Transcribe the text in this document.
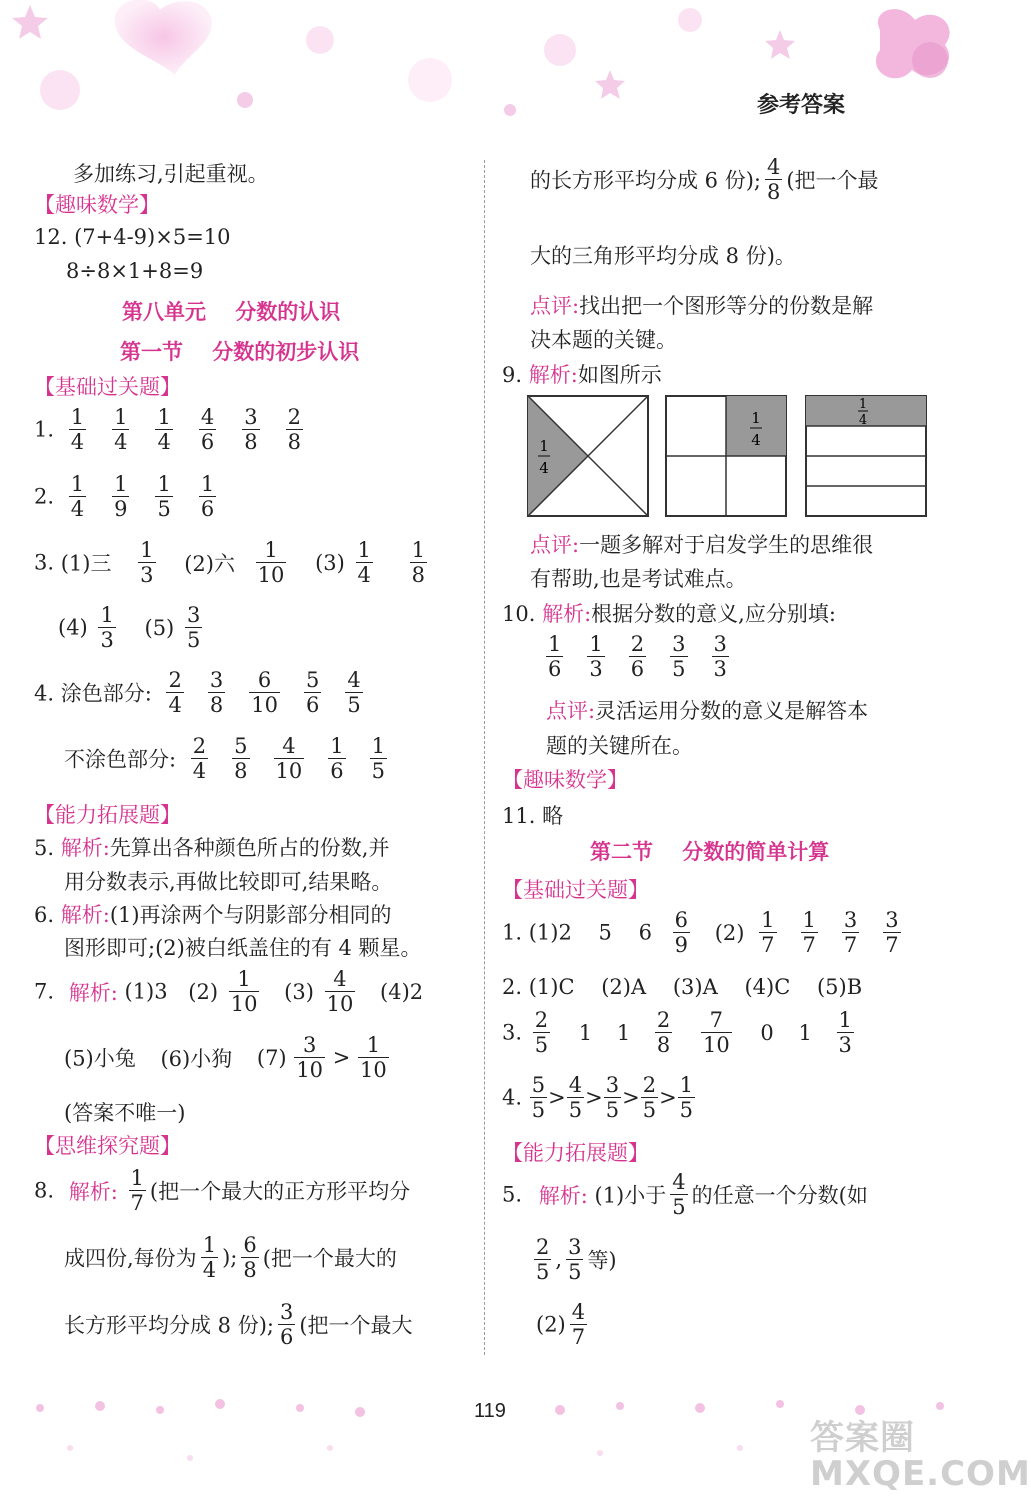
参考答案
119
答案圈 MXQE.COM
多加练习,引起重视。
【趣味数学】
12. (7+4-9)×5=10
8÷8×1+8=9
第八单元    分数的认识
第一节    分数的初步认识
【基础过关题】
1. $\frac{1}{4} \frac{1}{4} \frac{1}{4} \frac{4}{6} \frac{3}{8} \frac{2}{8}$
2. $\frac{1}{4} \frac{1}{9} \frac{1}{5} \frac{1}{6}$
3. (1)三 $\frac{1}{3} (2)$六 $\frac{1}{10} (3) \frac{1}{4}$
$\frac{1}{8}$
$(4) \frac{1}{3} (5) \frac{3}{5}$
4. 涂色部分: $\frac{2}{4} \frac{3}{8} \frac{6}{10} \frac{5}{6} \frac{4}{5}$
不涂色部分: $\frac{2}{4} \frac{5}{8} \frac{4}{10} \frac{1}{6} \frac{1}{5}$
【能力拓展题】
5. 解析:先算出各种颜色所占的份数,并
用分数表示,再做比较即可,结果略。
6. 解析:(1)再涂两个与阴影部分相同的
图形即可;(2)被白纸盖住的有 4 颗星。
7. 解析: (1)3 $(2) \frac{1}{10} (3) \frac{4}{10} (4)2$
(5)小兔 (6)小狗 $(7) \frac{3}{10} > \frac{1}{10}$
(答案不唯一)
【思维探究题】
8. 解析: $\frac{1}{7}$ (把一个最大的正方形平均分
成四份,每份为 $\frac{1}{4}$ ); $\frac{6}{8}$ (把一个最大的
长方形平均分成 8 份); $\frac{3}{6}$ (把一个最大
的长方形平均分成 6 份); $\frac{4}{8}$ (把一个最
大的三角形平均分成 8 份)。
点评:找出把一个图形等分的份数是解
决本题的关键。
9. 解析:如图所示
1
4
1
4
1
4
点评:一题多解对于启发学生的思维很
有帮助,也是考试难点。
10. 解析:根据分数的意义,应分别填:
$\frac{1}{6} \frac{1}{3} \frac{2}{6} \frac{3}{5} \frac{3}{3}$
点评:灵活运用分数的意义是解答本
题的关键所在。
【趣味数学】
11. 略
第二节    分数的简单计算
【基础过关题】
1. (1)2    5    $6 \frac{6}{9} (2) \frac{1}{7} \frac{1}{7} \frac{3}{7} \frac{3}{7}$
2. (1)C    (2)A    (3)A    (4)C    (5)B
3. $\frac{2}{5} 1$ $1 \frac{2}{8}$
$\frac{7}{10} 0$ $1 \frac{1}{3}$
4. $\frac{5}{5} > \frac{4}{5} > \frac{3}{5} > \frac{2}{5} > \frac{1}{5}$
【能力拓展题】
5. 解析: (1)小于 $\frac{4}{5}$ 的任意一个分数(如
$\frac{2}{5}$ , $\frac{3}{5}$ 等)
$(2) \frac{4}{7}$
